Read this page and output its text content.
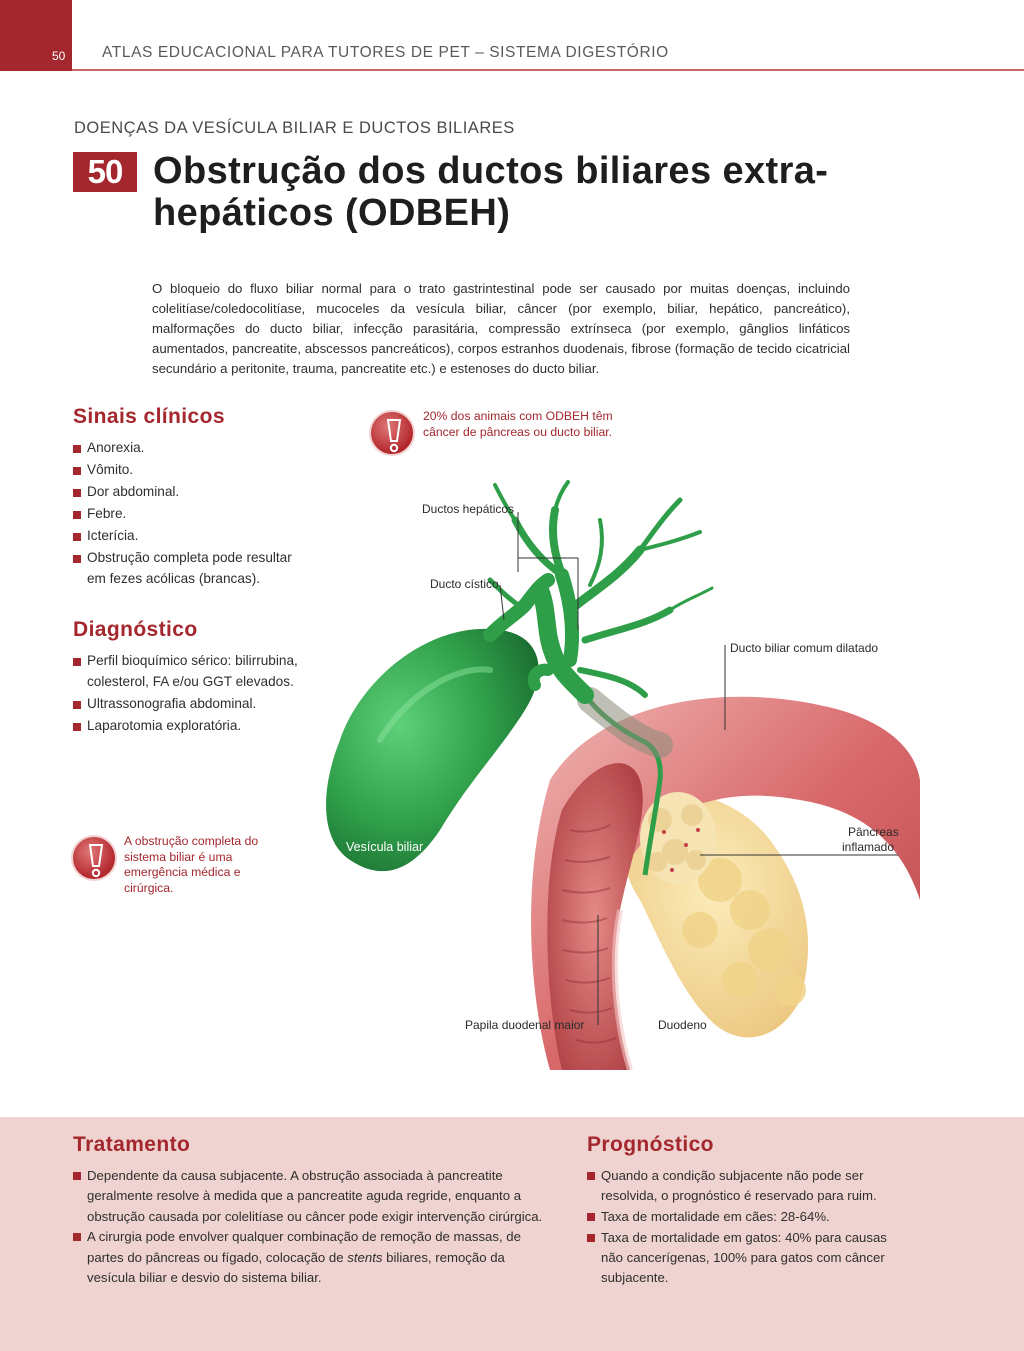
50 ATLAS EDUCACIONAL PARA TUTORES DE PET – SISTEMA DIGESTÓRIO
DOENÇAS DA VESÍCULA BILIAR E DUCTOS BILIARES
50 Obstrução dos ductos biliares extra-hepáticos (ODBEH)

O bloqueio do fluxo biliar normal para o trato gastrintestinal pode ser causado por muitas doenças, incluindo colelitíase/coledocolitíase, mucoceles da vesícula biliar, câncer (por exemplo, biliar, hepático, pancreático), malformações do ducto biliar, infecção parasitária, compressão extrínseca (por exemplo, gânglios linfáticos aumentados, pancreatite, abscessos pancreáticos), corpos estranhos duodenais, fibrose (formação de tecido cicatricial secundário a peritonite, trauma, pancreatite etc.) e estenoses do ducto biliar.

Sinais clínicos
Anorexia.
Vômito.
Dor abdominal.
Febre.
Icterícia.
Obstrução completa pode resultar em fezes acólicas (brancas).
Diagnóstico
Perfil bioquímico sérico: bilirrubina, colesterol, FA e/ou GGT elevados.
Ultrassonografia abdominal.
Laparotomia exploratória.
20% dos animais com ODBEH têm câncer de pâncreas ou ducto biliar.
A obstrução completa do sistema biliar é uma emergência médica e cirúrgica.
Ductos hepáticos
Ducto cístico
Ducto biliar comum dilatado
Vesícula biliar
Pâncreas
inflamado
Papila duodenal maior	Duodeno
Tratamento
Dependente da causa subjacente. A obstrução associada à pancreatite geralmente resolve à medida que a pancreatite aguda regride, enquanto a obstrução causada por colelitíase ou câncer pode exigir intervenção cirúrgica.
A cirurgia pode envolver qualquer combinação de remoção de massas, de partes do pâncreas ou fígado, colocação de stents biliares, remoção da vesícula biliar e desvio do sistema biliar.
Prognóstico
Quando a condição subjacente não pode ser resolvida, o prognóstico é reservado para ruim.
Taxa de mortalidade em cães: 28-64%.
Taxa de mortalidade em gatos: 40% para causas não cancerígenas, 100% para gatos com câncer subjacente.
